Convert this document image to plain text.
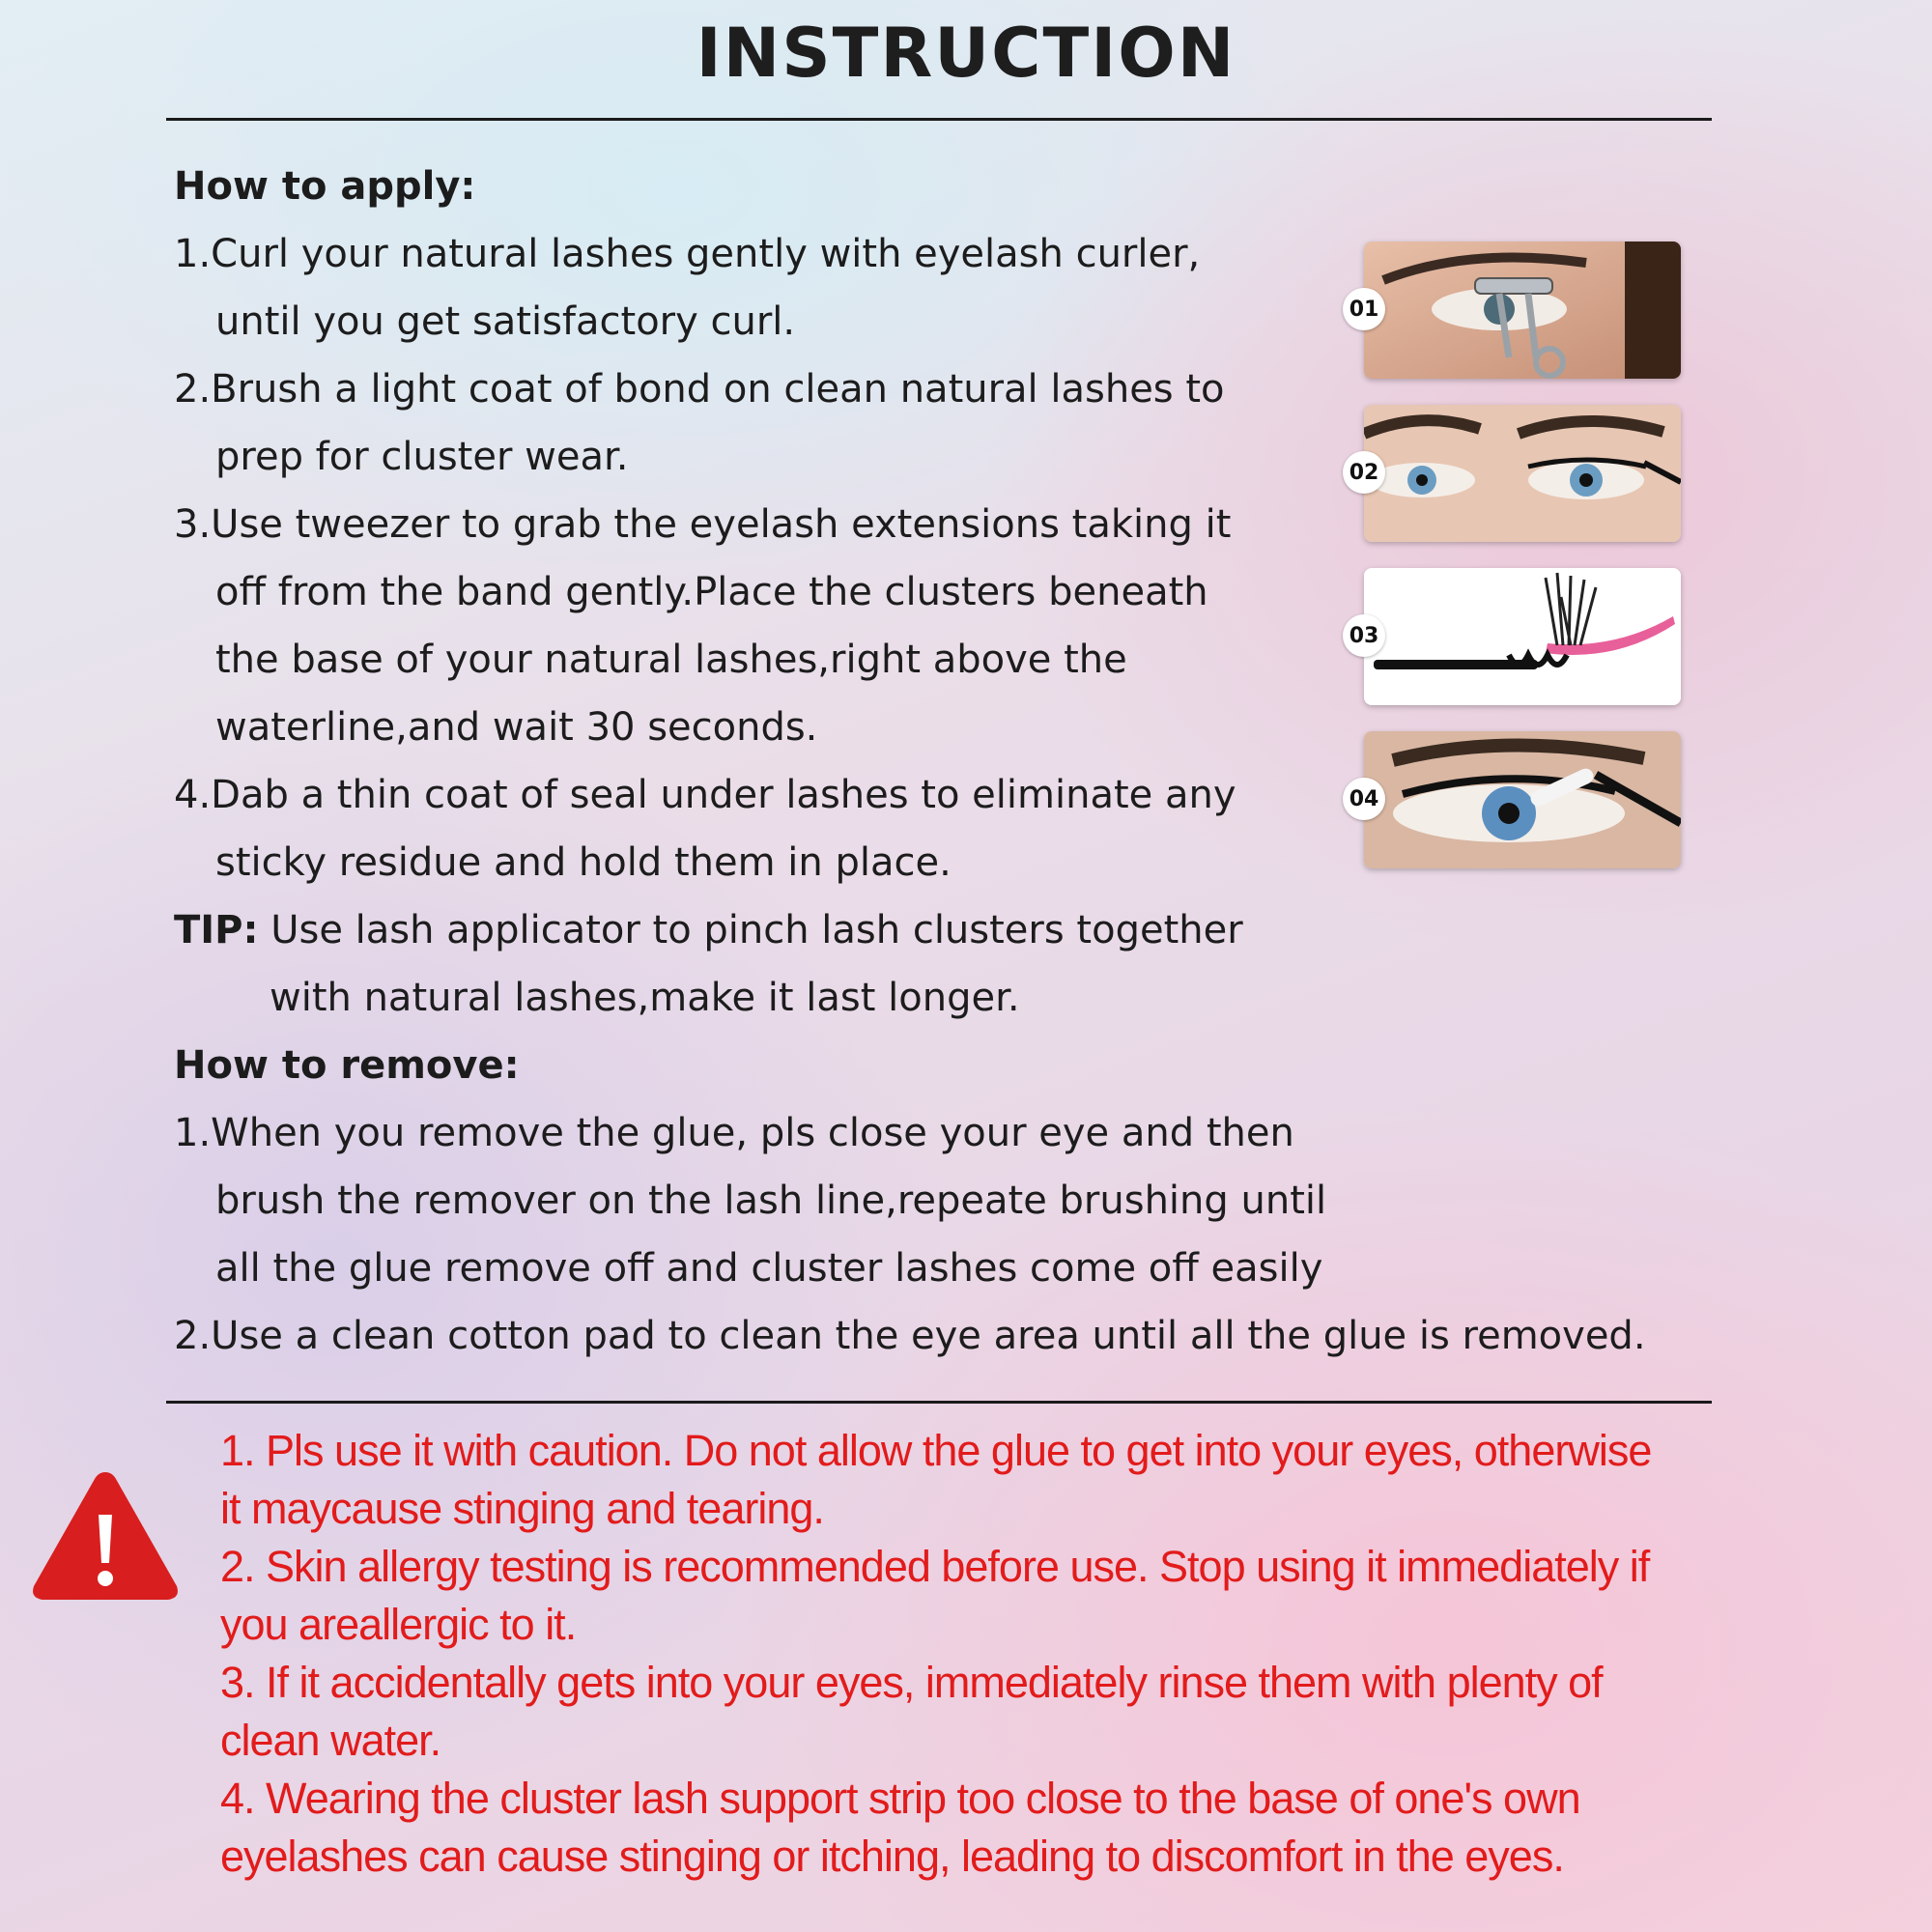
INSTRUCTION

How to apply:

1.Curl your natural lashes gently with eyelash curler,

until you get satisfactory curl.

2.Brush a light coat of bond on clean natural lashes to

prep for cluster wear.

3.Use tweezer to grab the eyelash extensions taking it

off from the band gently.Place the clusters beneath

the base of your natural lashes,right above the

waterline,and wait 30 seconds.

4.Dab a thin coat of seal under lashes to eliminate any

sticky residue and hold them in place.

TIP: Use lash applicator to pinch lash clusters together

with natural lashes,make it last longer.

How to remove:

1.When you remove the glue, pls close your eye and then

brush the remover on the lash line,repeate brushing until

all the glue remove off and cluster lashes come off easily

2.Use a clean cotton pad to clean the eye area until all the glue is removed.

01
02
03
04

1. Pls use it with caution. Do not allow the glue to get into your eyes, otherwise

it maycause stinging and tearing.

2. Skin allergy testing is recommended before use. Stop using it immediately if

you areallergic to it.

3. If it accidentally gets into your eyes, immediately rinse them with plenty of

clean water.

4. Wearing the cluster lash support strip too close to the base of one's own

eyelashes can cause stinging or itching, leading to discomfort in the eyes.
